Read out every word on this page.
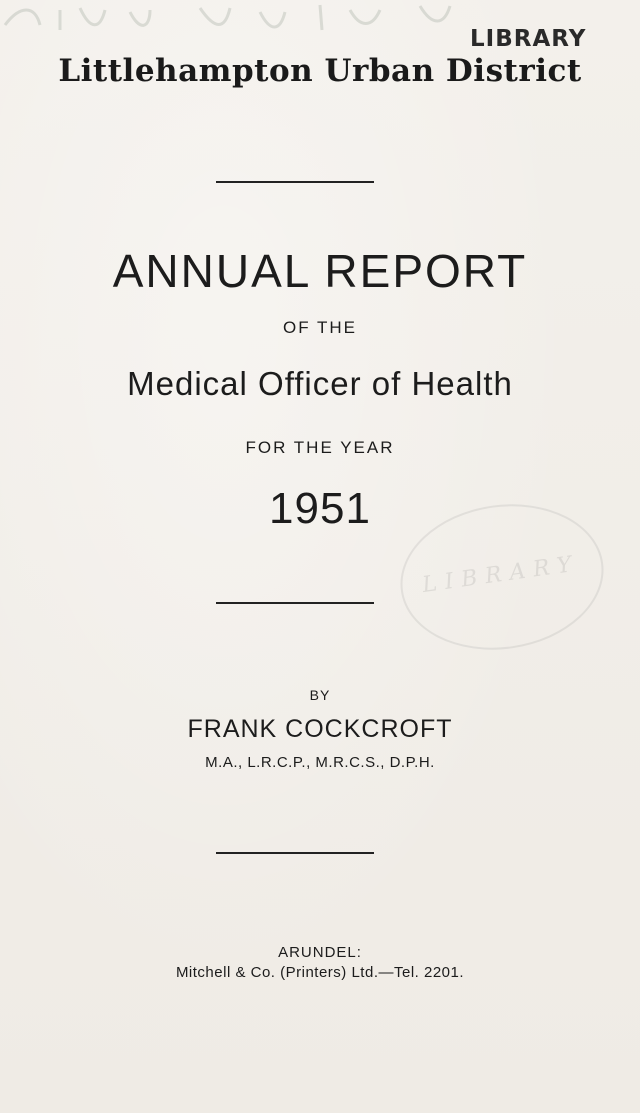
LIBRARY
Littlehampton Urban District
ANNUAL REPORT
OF THE
Medical Officer of Health
FOR THE YEAR
1951
LIBRARY
BY
FRANK COCKCROFT
M.A., L.R.C.P., M.R.C.S., D.P.H.
ARUNDEL:
Mitchell & Co. (Printers) Ltd.—Tel. 2201.
